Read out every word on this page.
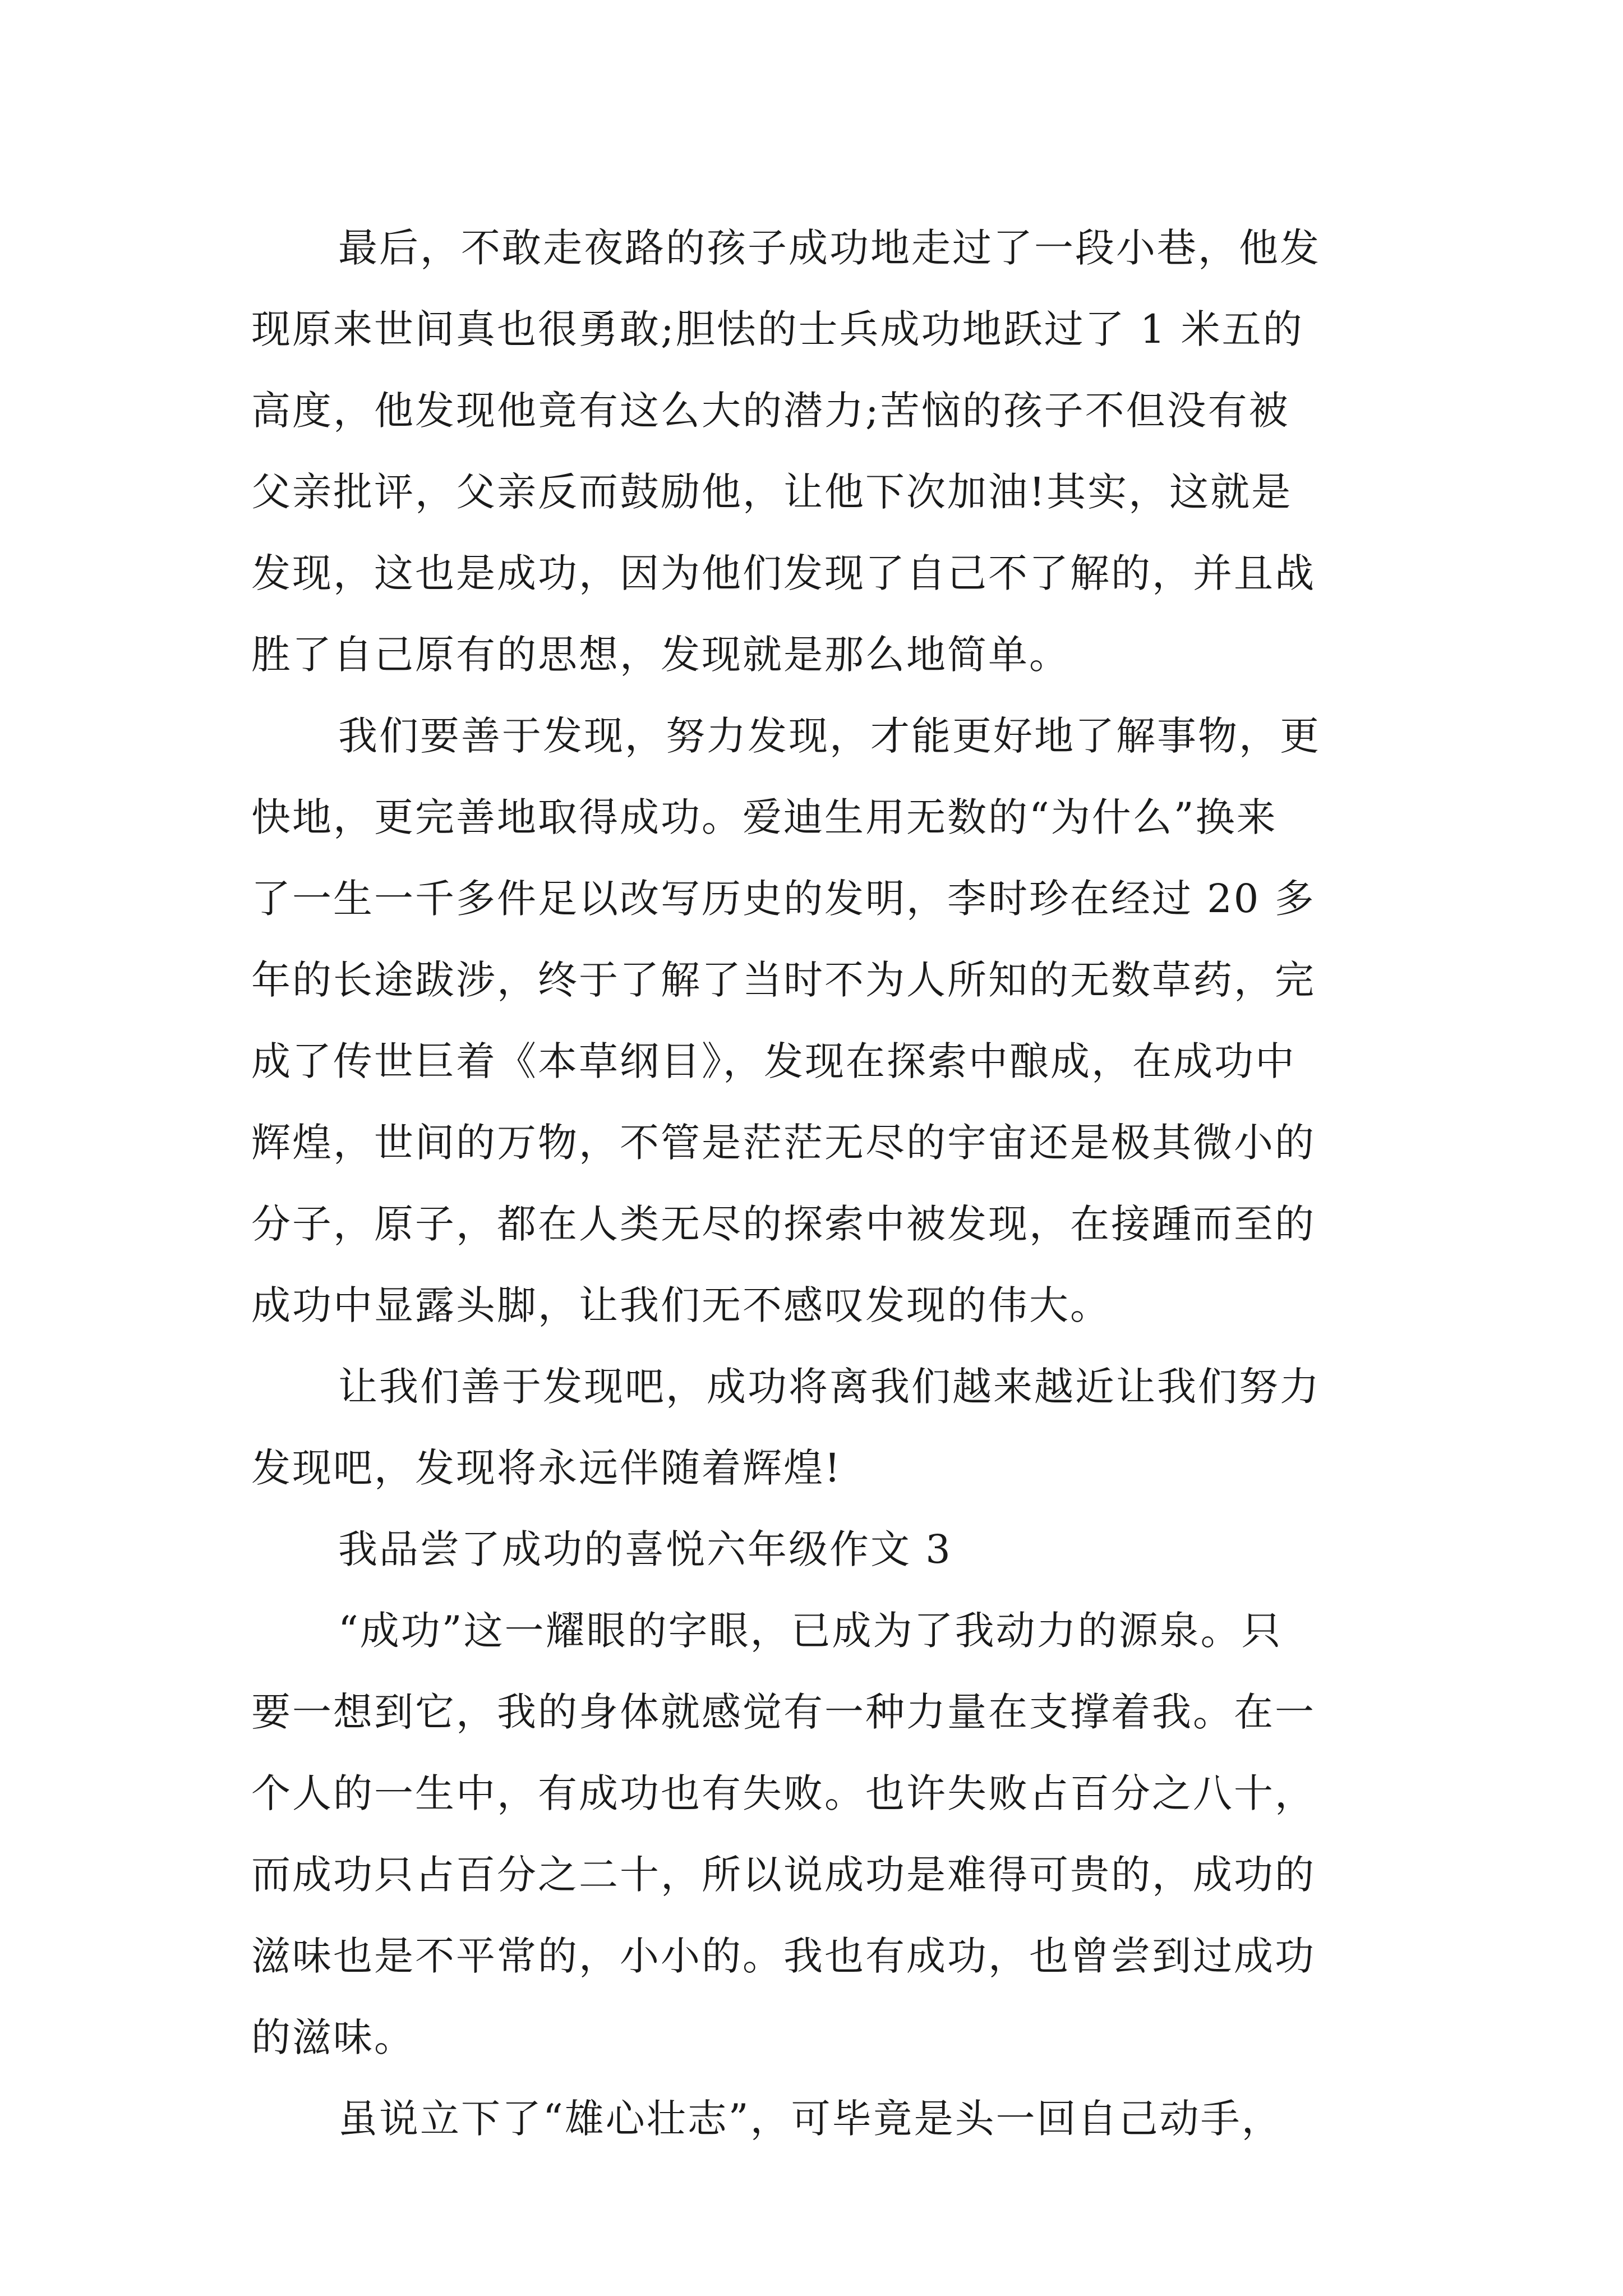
最后，不敢走夜路的孩子成功地走过了一段小巷，他发
现原来世间真也很勇敢;胆怯的士兵成功地跃过了 1 米五的
高度，他发现他竟有这么大的潜力;苦恼的孩子不但没有被
父亲批评，父亲反而鼓励他，让他下次加油!其实，这就是
发现，这也是成功，因为他们发现了自己不了解的，并且战
胜了自己原有的思想，发现就是那么地简单。
我们要善于发现，努力发现，才能更好地了解事物，更
快地，更完善地取得成功。爱迪生用无数的“为什么”换来
了一生一千多件足以改写历史的发明，李时珍在经过 20 多
年的长途跋涉，终于了解了当时不为人所知的无数草药，完
成了传世巨着《本草纲目》，发现在探索中酿成，在成功中
辉煌，世间的万物，不管是茫茫无尽的宇宙还是极其微小的
分子，原子，都在人类无尽的探索中被发现，在接踵而至的
成功中显露头脚，让我们无不感叹发现的伟大。
让我们善于发现吧，成功将离我们越来越近让我们努力
发现吧，发现将永远伴随着辉煌!
我品尝了成功的喜悦六年级作文 3
“成功”这一耀眼的字眼，已成为了我动力的源泉。只
要一想到它，我的身体就感觉有一种力量在支撑着我。在一
个人的一生中，有成功也有失败。也许失败占百分之八十，
而成功只占百分之二十，所以说成功是难得可贵的，成功的
滋味也是不平常的，小小的。我也有成功，也曾尝到过成功
的滋味。
虽说立下了“雄心壮志”，可毕竟是头一回自己动手，
